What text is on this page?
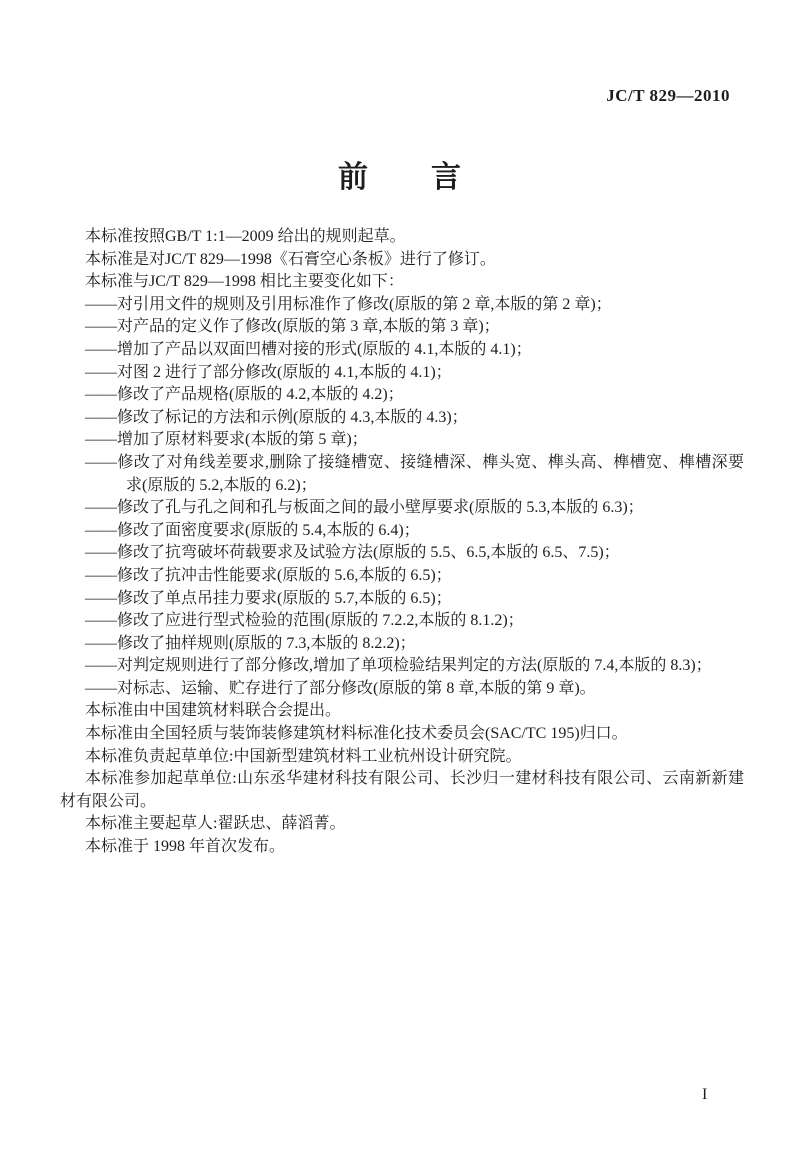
JC/T 829—2010
前　　言

本标准按照GB/T 1:1—2009 给出的规则起草。

本标准是对JC/T 829—1998《石膏空心条板》进行了修订。

本标准与JC/T 829—1998 相比主要变化如下：

——对引用文件的规则及引用标准作了修改(原版的第 2 章,本版的第 2 章)；

——对产品的定义作了修改(原版的第 3 章,本版的第 3 章)；

——增加了产品以双面凹槽对接的形式(原版的 4.1,本版的 4.1)；

——对图 2 进行了部分修改(原版的 4.1,本版的 4.1)；

——修改了产品规格(原版的 4.2,本版的 4.2)；

——修改了标记的方法和示例(原版的 4.3,本版的 4.3)；

——增加了原材料要求(本版的第 5 章)；

——修改了对角线差要求,删除了接缝槽宽、接缝槽深、榫头宽、榫头高、榫槽宽、榫槽深要求(原版的 5.2,本版的 6.2)；

——修改了孔与孔之间和孔与板面之间的最小壁厚要求(原版的 5.3,本版的 6.3)；

——修改了面密度要求(原版的 5.4,本版的 6.4)；

——修改了抗弯破坏荷载要求及试验方法(原版的 5.5、6.5,本版的 6.5、7.5)；

——修改了抗冲击性能要求(原版的 5.6,本版的 6.5)；

——修改了单点吊挂力要求(原版的 5.7,本版的 6.5)；

——修改了应进行型式检验的范围(原版的 7.2.2,本版的 8.1.2)；

——修改了抽样规则(原版的 7.3,本版的 8.2.2)；

——对判定规则进行了部分修改,增加了单项检验结果判定的方法(原版的 7.4,本版的 8.3)；

——对标志、运输、贮存进行了部分修改(原版的第 8 章,本版的第 9 章)。

本标准由中国建筑材料联合会提出。

本标准由全国轻质与装饰装修建筑材料标准化技术委员会(SAC/TC 195)归口。

本标准负责起草单位:中国新型建筑材料工业杭州设计研究院。

本标准参加起草单位:山东丞华建材科技有限公司、长沙归一建材科技有限公司、云南新新建材有限公司。

本标准主要起草人:翟跃忠、薛滔菁。

本标准于 1998 年首次发布。

I
